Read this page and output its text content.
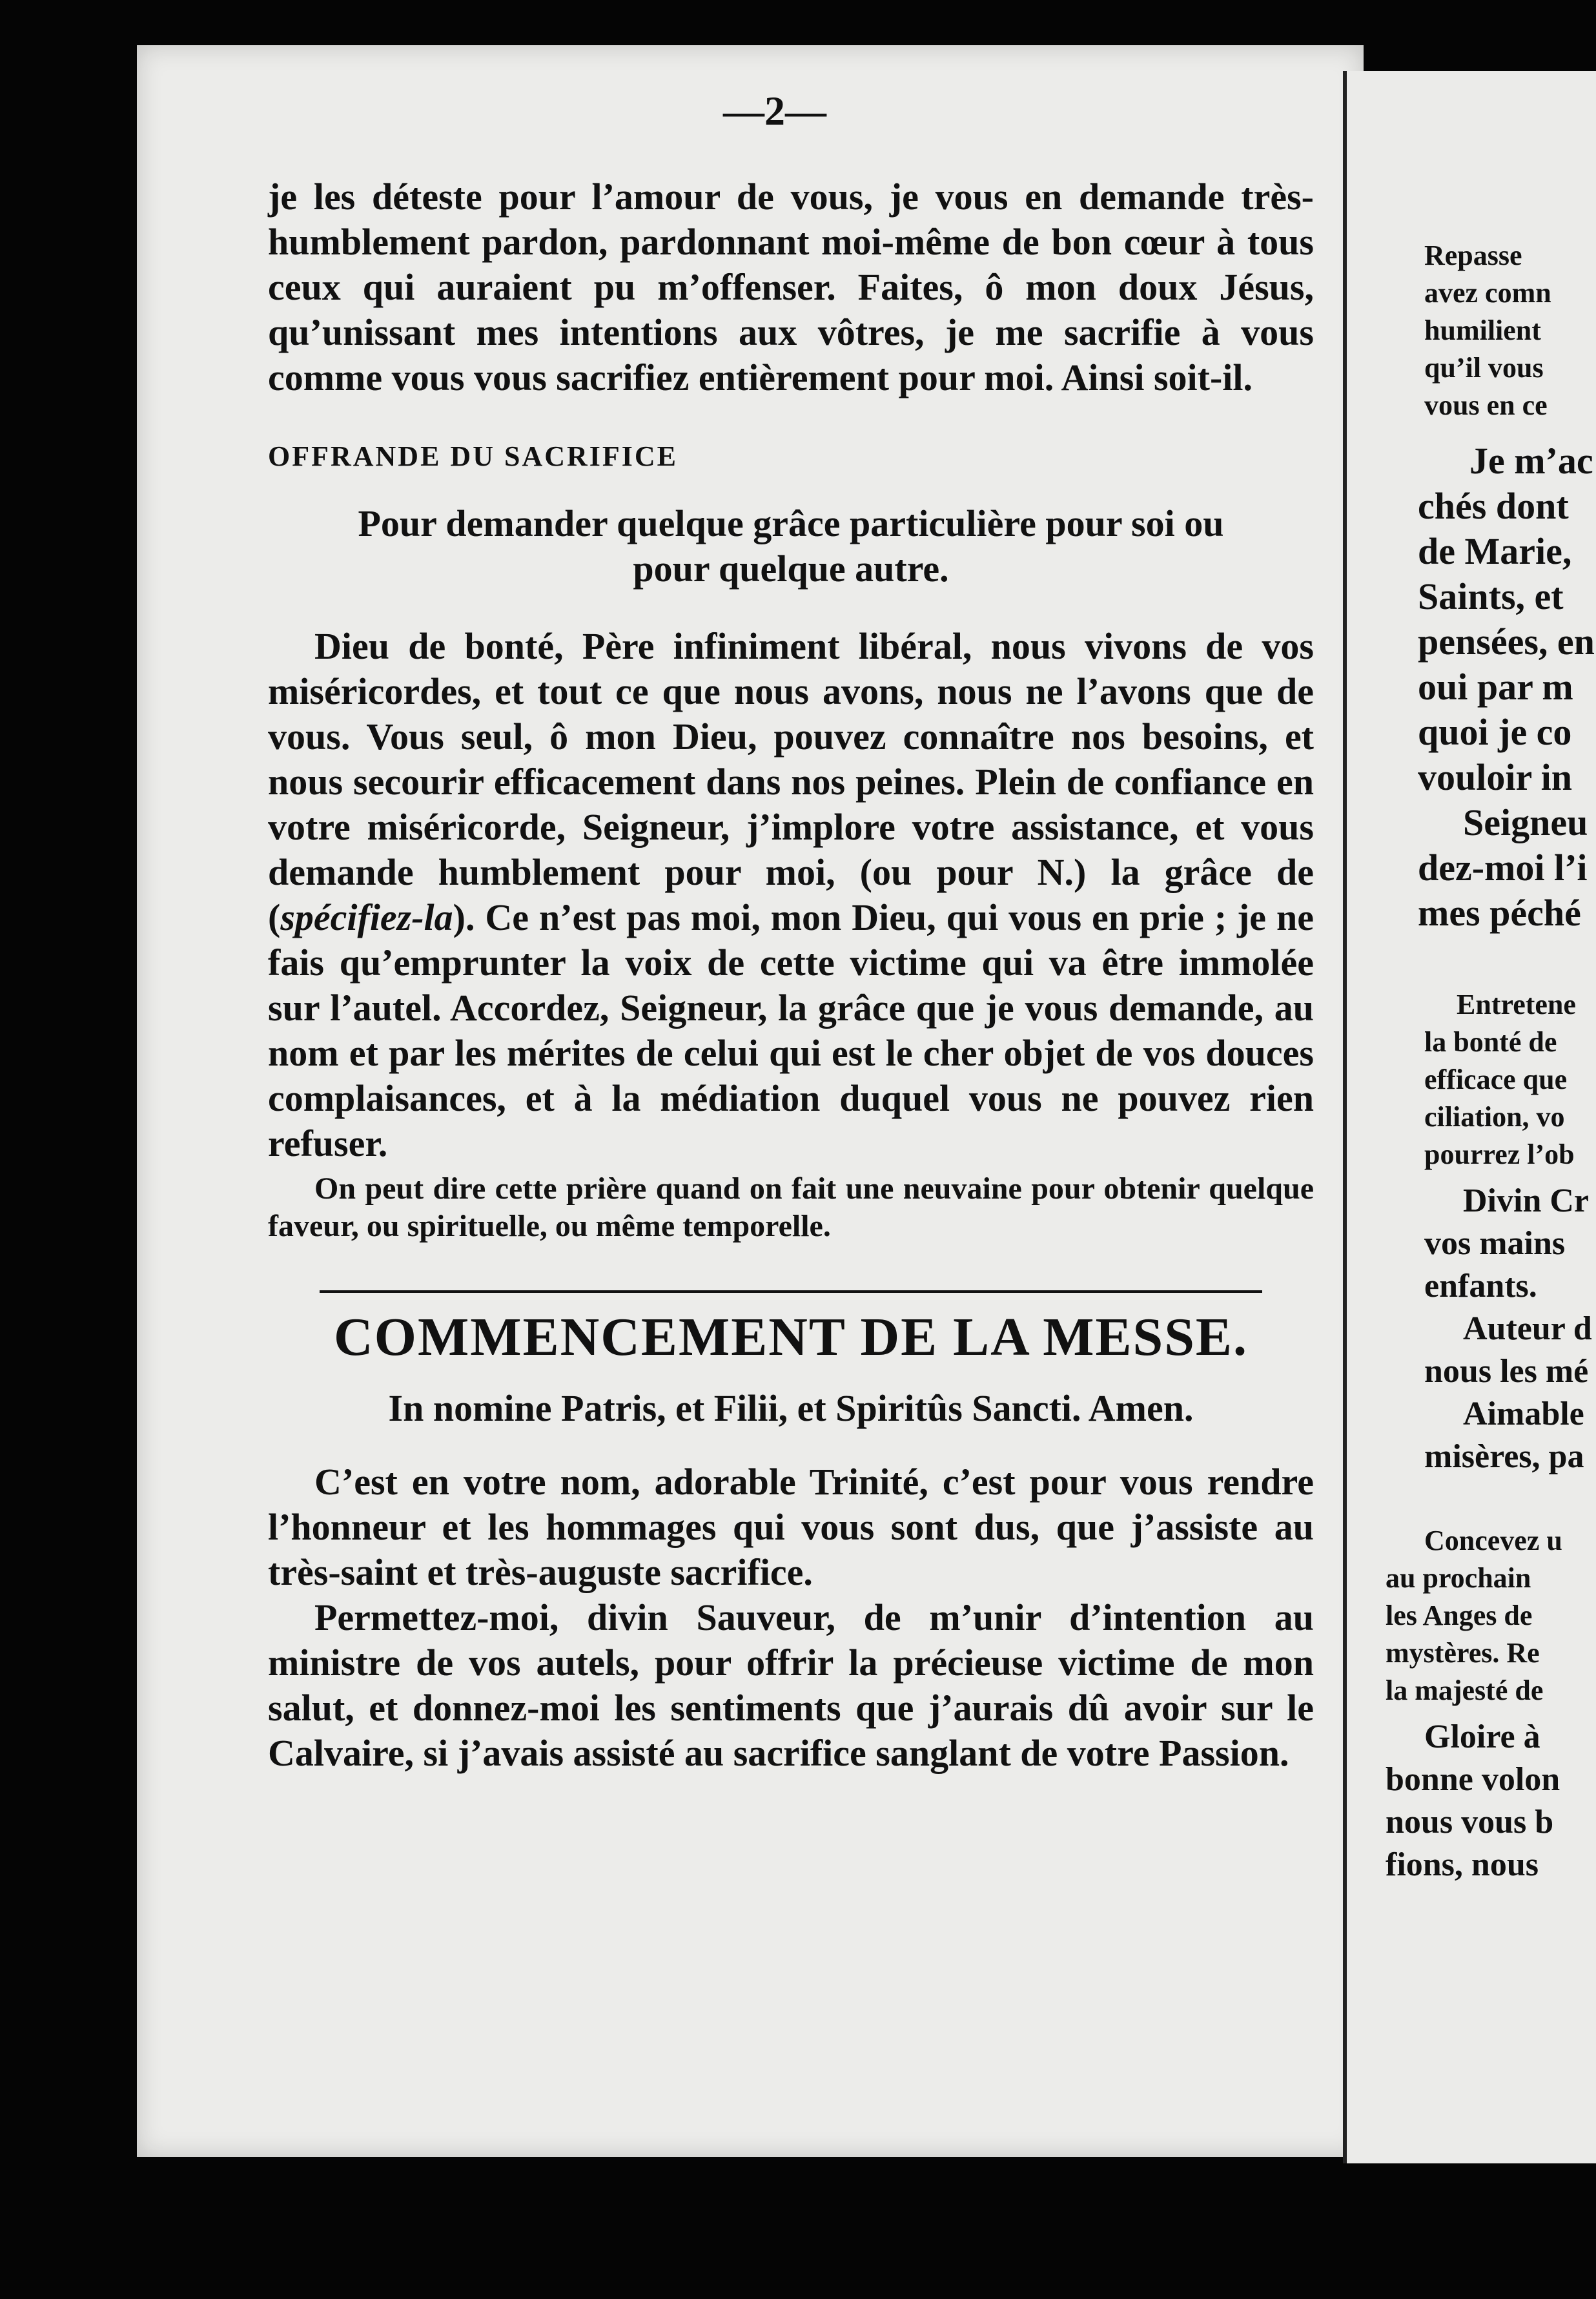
—2—

je les déteste pour l’amour de vous, je vous en demande très-humblement pardon, pardonnant moi-même de bon cœur à tous ceux qui auraient pu m’offenser. Faites, ô mon doux Jésus, qu’unissant mes intentions aux vôtres, je me sacrifie à vous comme vous vous sacrifiez entièrement pour moi. Ainsi soit-il.

OFFRANDE DU SACRIFICE

Pour demander quelque grâce particulière pour soi ou pour quelque autre.

Dieu de bonté, Père infiniment libéral, nous vivons de vos miséricordes, et tout ce que nous avons, nous ne l’avons que de vous. Vous seul, ô mon Dieu, pouvez connaître nos besoins, et nous secourir efficacement dans nos peines. Plein de confiance en votre miséricorde, Seigneur, j’implore votre assistance, et vous demande humblement pour moi, (ou pour N.) la grâce de (spécifiez-la). Ce n’est pas moi, mon Dieu, qui vous en prie ; je ne fais qu’emprunter la voix de cette victime qui va être immolée sur l’autel. Accordez, Seigneur, la grâce que je vous demande, au nom et par les mérites de celui qui est le cher objet de vos douces complaisances, et à la médiation duquel vous ne pouvez rien refuser.

On peut dire cette prière quand on fait une neuvaine pour obtenir quelque faveur, ou spirituelle, ou même temporelle.

COMMENCEMENT DE LA MESSE.

In nomine Patris, et Filii, et Spiritûs Sancti. Amen.

C’est en votre nom, adorable Trinité, c’est pour vous rendre l’honneur et les hommages qui vous sont dus, que j’assiste au très-saint et très-auguste sacrifice.

Permettez-moi, divin Sauveur, de m’unir d’intention au ministre de vos autels, pour offrir la précieuse victime de mon salut, et donnez-moi les sentiments que j’aurais dû avoir sur le Calvaire, si j’avais assisté au sacrifice sanglant de votre Passion.

Repasse
avez comn
humilient
qu’il vous
vous en ce
Je m’ac
chés dont
de Marie,
Saints, et
pensées, en
oui par m
quoi je co
vouloir in
Seigneu
dez-moi l’i
mes péché
Entretene
la bonté de
efficace que
ciliation, vo
pourrez l’ob
Divin Cr
vos mains
enfants.
Auteur d
nous les mé
Aimable
misères, pa
Concevez u
au prochain
les Anges de
mystères. Re
la majesté de
Gloire à
bonne volon
nous vous b
fions, nous
